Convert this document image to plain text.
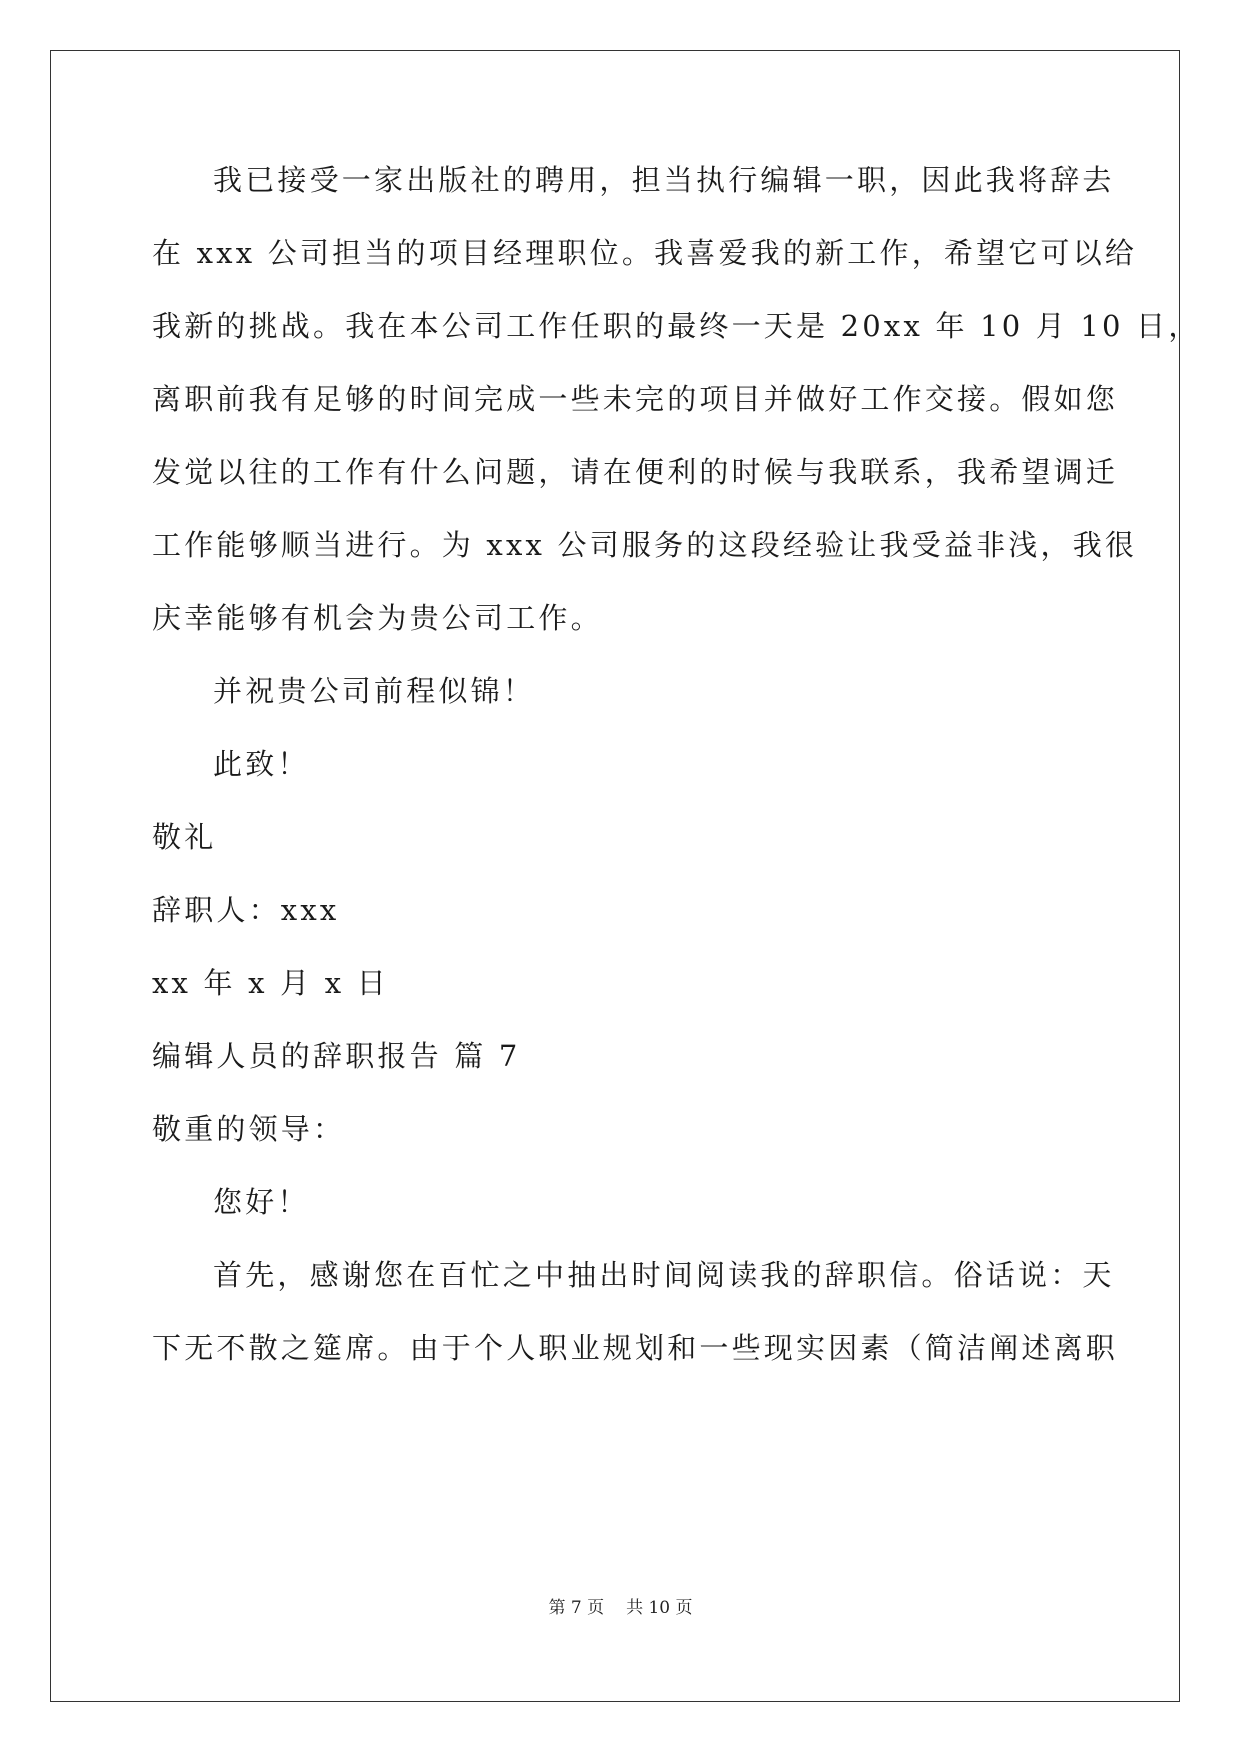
我已接受一家出版社的聘用，担当执行编辑一职，因此我将辞去
在 xxx 公司担当的项目经理职位。我喜爱我的新工作，希望它可以给
我新的挑战。我在本公司工作任职的最终一天是 20xx 年 10 月 10 日，
离职前我有足够的时间完成一些未完的项目并做好工作交接。假如您
发觉以往的工作有什么问题，请在便利的时候与我联系，我希望调迁
工作能够顺当进行。为 xxx 公司服务的这段经验让我受益非浅，我很
庆幸能够有机会为贵公司工作。
并祝贵公司前程似锦！
此致！
敬礼
辞职人：xxx
xx 年 x 月 x 日
编辑人员的辞职报告 篇 7
敬重的领导：
您好！
首先，感谢您在百忙之中抽出时间阅读我的辞职信。俗话说：天
下无不散之筵席。由于个人职业规划和一些现实因素（简洁阐述离职
第 7 页 共 10 页
